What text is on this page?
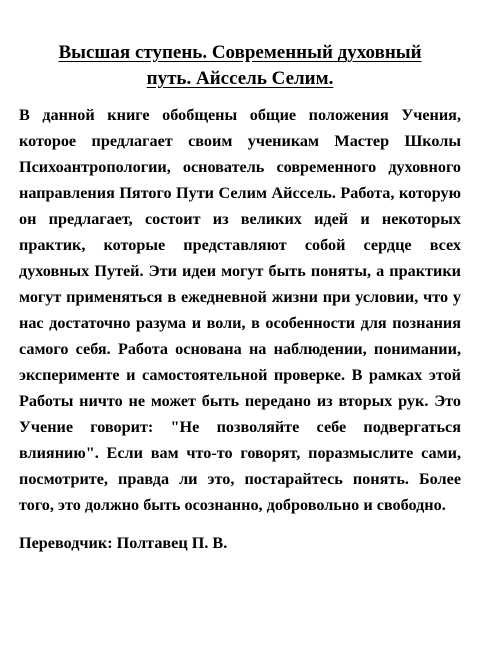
Высшая ступень. Современный духовный
путь. Айссель Селим.

В данной книге обобщены общие положения Учения, которое предлагает своим ученикам Мастер Школы Психоантропологии, основатель современного духовного направления Пятого Пути Селим Айссель. Работа, которую он предлагает, состоит из великих идей и некоторых практик, которые представляют собой сердце всех духовных Путей. Эти идеи могут быть поняты, а практики могут применяться в ежедневной жизни при условии, что у нас достаточно разума и воли, в особенности для познания самого себя. Работа основана на наблюдении, понимании, эксперименте и самостоятельной проверке. В рамках этой Работы ничто не может быть передано из вторых рук. Это Учение говорит: "Не позволяйте себе подвергаться влиянию". Если вам что-то говорят, поразмыслите сами, посмотрите, правда ли это, постарайтесь понять. Более того, это должно быть осознанно, добровольно и свободно.

Переводчик: Полтавец П. В.
